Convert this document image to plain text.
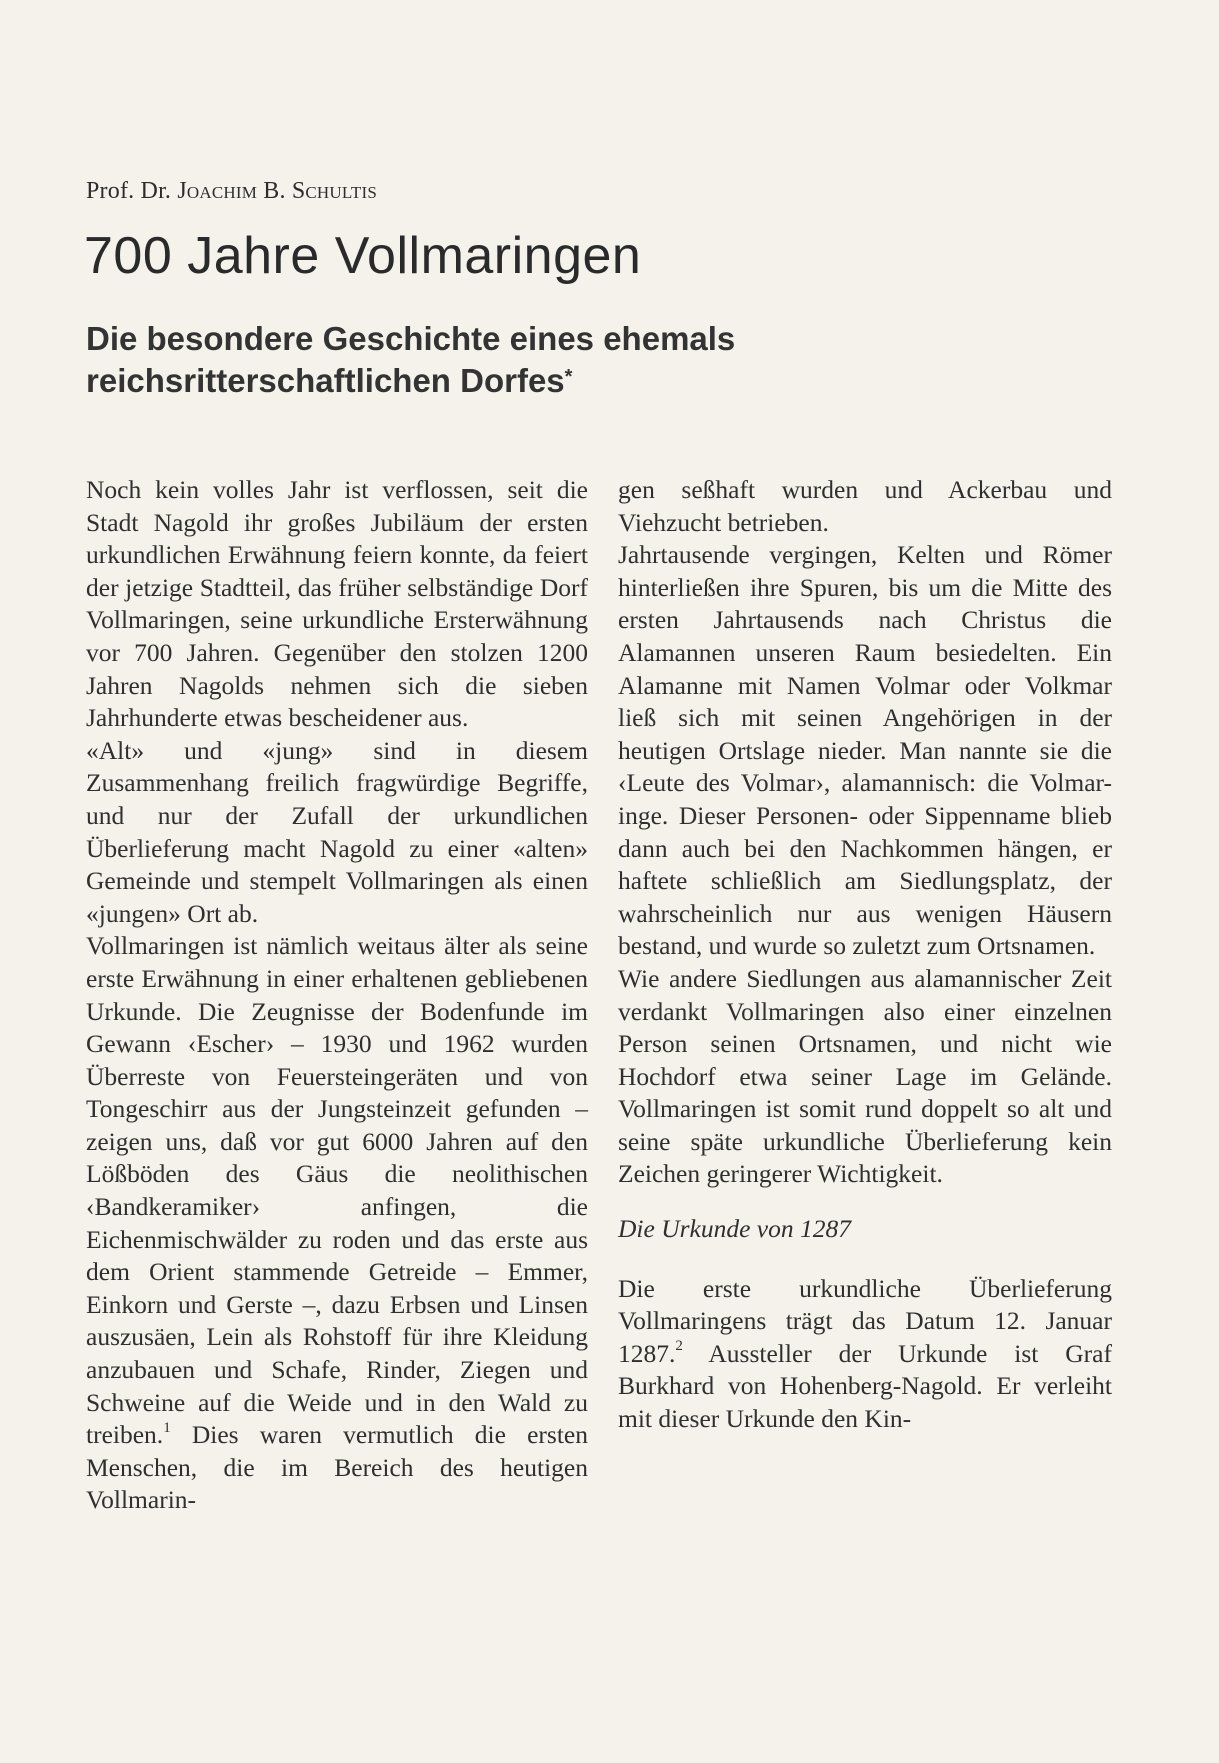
Prof. Dr. Joachim B. Schultis
700 Jahre Vollmaringen
Die besondere Geschichte eines ehemals reichsritterschaftlichen Dorfes*

Noch kein volles Jahr ist verflossen, seit die Stadt Nagold ihr großes Jubiläum der ersten urkundlichen Erwähnung feiern konnte, da feiert der jetzige Stadtteil, das früher selbständige Dorf Vollmaringen, seine urkundliche Ersterwähnung vor 700 Jahren. Gegenüber den stolzen 1200 Jahren Nagolds nehmen sich die sieben Jahrhunderte etwas bescheidener aus.

«Alt» und «jung» sind in diesem Zusammenhang freilich fragwürdige Begriffe, und nur der Zufall der urkundlichen Überlieferung macht Nagold zu einer «alten» Gemeinde und stempelt Vollmaringen als einen «jungen» Ort ab.

Vollmaringen ist nämlich weitaus älter als seine erste Erwähnung in einer erhaltenen gebliebenen Urkunde. Die Zeugnisse der Bodenfunde im Gewann ‹Escher› – 1930 und 1962 wurden Überreste von Feuersteingeräten und von Tongeschirr aus der Jungsteinzeit gefunden – zeigen uns, daß vor gut 6000 Jahren auf den Lößböden des Gäus die neolithischen ‹Bandkeramiker› anfingen, die Eichenmischwälder zu roden und das erste aus dem Orient stammende Getreide – Emmer, Einkorn und Gerste –, dazu Erbsen und Linsen auszusäen, Lein als Rohstoff für ihre Kleidung anzubauen und Schafe, Rinder, Ziegen und Schweine auf die Weide und in den Wald zu treiben.$^1$ Dies waren vermutlich die ersten Menschen, die im Bereich des heutigen Vollmarin-

gen seßhaft wurden und Ackerbau und Viehzucht betrieben.

Jahrtausende vergingen, Kelten und Römer hinterließen ihre Spuren, bis um die Mitte des ersten Jahrtausends nach Christus die Alamannen unseren Raum besiedelten. Ein Alamanne mit Namen Volmar oder Volkmar ließ sich mit seinen Angehörigen in der heutigen Ortslage nieder. Man nannte sie die ‹Leute des Volmar›, alamannisch: die Volmar-inge. Dieser Personen- oder Sippenname blieb dann auch bei den Nachkommen hängen, er haftete schließlich am Siedlungsplatz, der wahrscheinlich nur aus wenigen Häusern bestand, und wurde so zuletzt zum Ortsnamen.

Wie andere Siedlungen aus alamannischer Zeit verdankt Vollmaringen also einer einzelnen Person seinen Ortsnamen, und nicht wie Hochdorf etwa seiner Lage im Gelände. Vollmaringen ist somit rund doppelt so alt und seine späte urkundliche Überlieferung kein Zeichen geringerer Wichtigkeit.

Die Urkunde von 1287

Die erste urkundliche Überlieferung Vollmaringens trägt das Datum 12. Januar 1287.$^2$ Aussteller der Urkunde ist Graf Burkhard von Hohenberg-Nagold. Er verleiht mit dieser Urkunde den Kin-
